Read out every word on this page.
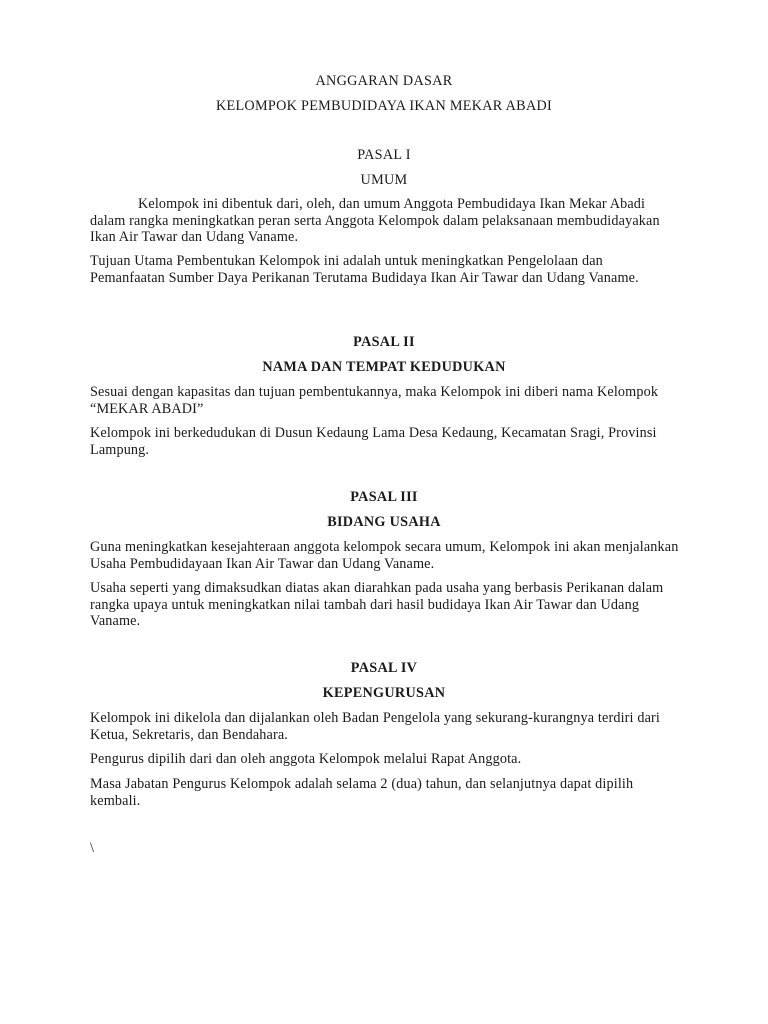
ANGGARAN DASAR
KELOMPOK PEMBUDIDAYA IKAN MEKAR ABADI
PASAL I
UMUM
Kelompok ini dibentuk dari, oleh, dan umum Anggota Pembudidaya Ikan Mekar Abadi dalam rangka meningkatkan peran serta Anggota Kelompok dalam pelaksanaan membudidayakan Ikan Air Tawar dan Udang Vaname.
Tujuan Utama Pembentukan Kelompok ini adalah untuk meningkatkan Pengelolaan dan Pemanfaatan Sumber Daya Perikanan Terutama Budidaya Ikan Air Tawar dan Udang Vaname.
PASAL II
NAMA DAN TEMPAT KEDUDUKAN
Sesuai dengan kapasitas dan tujuan pembentukannya, maka Kelompok ini diberi nama Kelompok “MEKAR ABADI”
Kelompok ini berkedudukan di Dusun Kedaung Lama Desa Kedaung, Kecamatan Sragi, Provinsi Lampung.
PASAL III
BIDANG USAHA
Guna meningkatkan kesejahteraan anggota kelompok secara umum, Kelompok ini akan menjalankan Usaha Pembudidayaan Ikan Air Tawar dan Udang Vaname.
Usaha seperti yang dimaksudkan diatas akan diarahkan pada usaha yang berbasis Perikanan dalam rangka upaya untuk meningkatkan nilai tambah dari hasil budidaya Ikan Air Tawar dan Udang Vaname.
PASAL IV
KEPENGURUSAN
Kelompok ini dikelola dan dijalankan oleh Badan Pengelola yang sekurang-kurangnya terdiri dari Ketua, Sekretaris, dan Bendahara.
Pengurus dipilih dari dan oleh anggota Kelompok melalui Rapat Anggota.
Masa Jabatan Pengurus Kelompok adalah selama 2 (dua) tahun, dan selanjutnya dapat dipilih kembali.
\
